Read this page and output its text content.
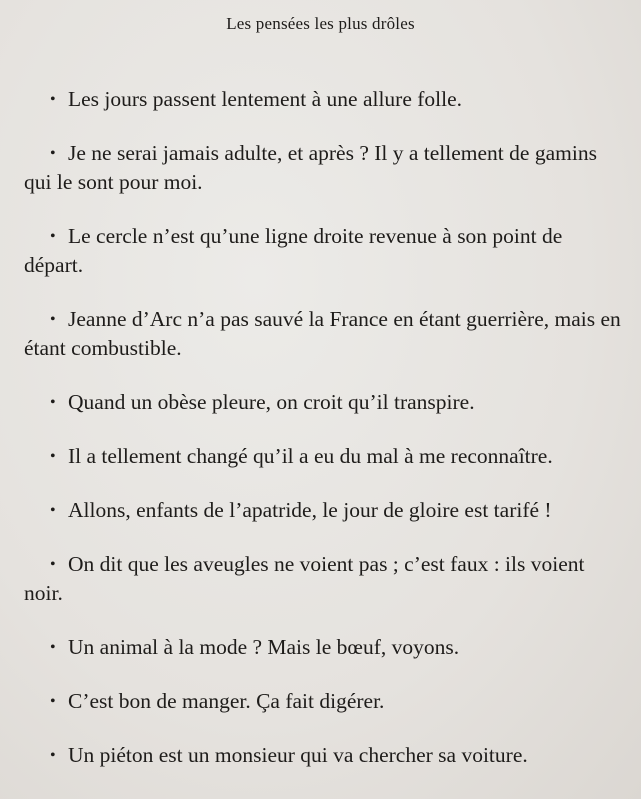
Les pensées les plus drôles
• Les jours passent lentement à une allure folle.
• Je ne serai jamais adulte, et après ? Il y a tellement de gamins qui le sont pour moi.
• Le cercle n’est qu’une ligne droite revenue à son point de départ.
• Jeanne d’Arc n’a pas sauvé la France en étant guerrière, mais en étant combustible.
• Quand un obèse pleure, on croit qu’il transpire.
• Il a tellement changé qu’il a eu du mal à me reconnaître.
• Allons, enfants de l’apatride, le jour de gloire est tarifé !
• On dit que les aveugles ne voient pas ; c’est faux : ils voient noir.
• Un animal à la mode ? Mais le bœuf, voyons.
• C’est bon de manger. Ça fait digérer.
• Un piéton est un monsieur qui va chercher sa voiture.
